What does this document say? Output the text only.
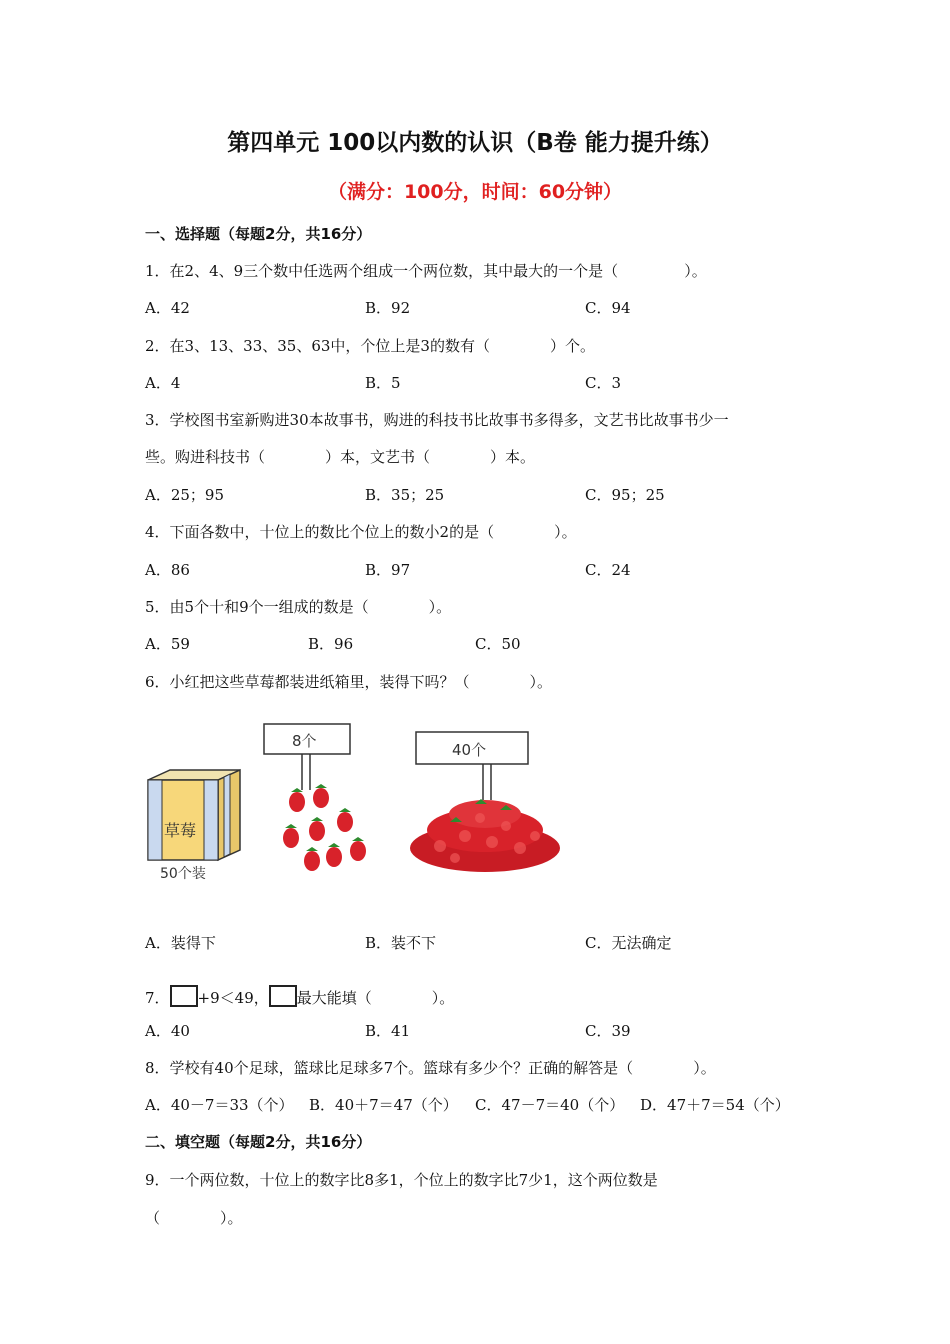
第四单元 100以内数的认识（B卷 能力提升练）
（满分：100分，时间：60分钟）
一、选择题（每题2分，共16分）
1．在2、4、9三个数中任选两个组成一个两位数，其中最大的一个是（	）。
A．42	B．92	C．94
2．在3、13、33、35、63中，个位上是3的数有（	）个。
A．4	B．5	C．3
3．学校图书室新购进30本故事书，购进的科技书比故事书多得多，文艺书比故事书少一
些。购进科技书（	）本，文艺书（	）本。
A．25；95	B．35；25	C．95；25
4．下面各数中，十位上的数比个位上的数小2的是（	）。
A．86	B．97	C．24
5．由5个十和9个一组成的数是（	）。
A．59	B．96	C．50
6．小红把这些草莓都装进纸箱里，装得下吗？（	）。
草莓
50个装
8个	40个
A．装得下	B．装不下	C．无法确定
7． +9＜49， 最大能填（	）。
A．40	B．41	C．39
8．学校有40个足球，篮球比足球多7个。篮球有多少个？正确的解答是（	）。
A．40－7＝33（个） B．40＋7＝47（个） C．47－7＝40（个） D．47＋7＝54（个）
二、填空题（每题2分，共16分）
9．一个两位数，十位上的数字比8多1，个位上的数字比7少1，这个两位数是
（	）。
